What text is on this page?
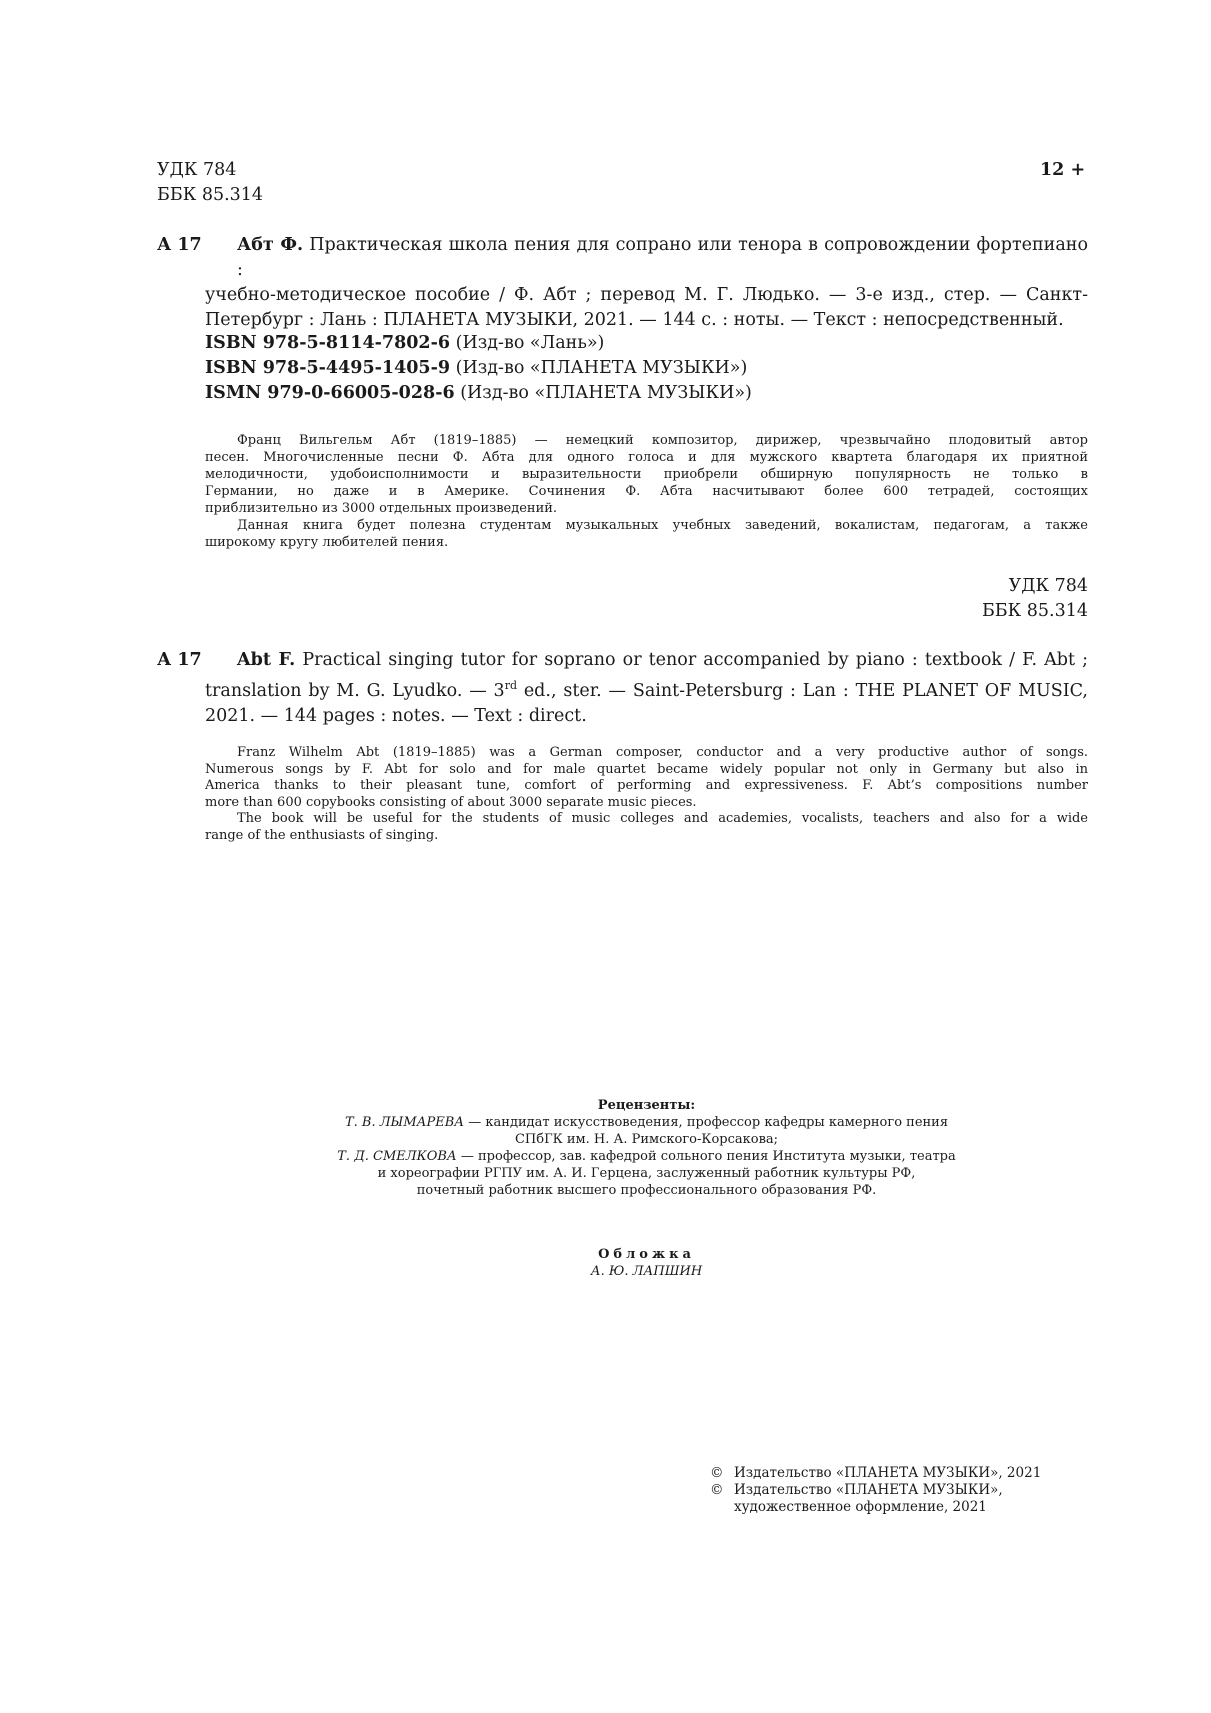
УДК 784
ББК 85.314
12 +
А 17 Абт Ф. Практическая школа пения для сопрано или тенора в сопровождении фортепиано :
учебно-методическое пособие / Ф. Абт ; перевод М. Г. Людько. — 3-е изд., стер. — Санкт-
Петербург : Лань : ПЛАНЕТА МУЗЫКИ, 2021. — 144 с. : ноты. — Текст : непосредственный.
ISBN 978-5-8114-7802-6 (Изд-во «Лань»)
ISBN 978-5-4495-1405-9 (Изд-во «ПЛАНЕТА МУЗЫКИ»)
ISMN 979-0-66005-028-6 (Изд-во «ПЛАНЕТА МУЗЫКИ»)
Франц Вильгельм Абт (1819–1885) — немецкий композитор, дирижер, чрезвычайно плодовитый автор
песен. Многочисленные песни Ф. Абта для одного голоса и для мужского квартета благодаря их приятной
мелодичности, удобоисполнимости и выразительности приобрели обширную популярность не только в
Германии, но даже и в Америке. Сочинения Ф. Абта насчитывают более 600 тетрадей, состоящих
приблизительно из 3000 отдельных произведений.
Данная книга будет полезна студентам музыкальных учебных заведений, вокалистам, педагогам, а также
широкому кругу любителей пения.
УДК 784
ББК 85.314
А 17 Abt F. Practical singing tutor for soprano or tenor accompanied by piano : textbook / F. Abt ;
translation by M. G. Lyudko. — 3rd ed., ster. — Saint-Petersburg : Lan : THE PLANET OF MUSIC,
2021. — 144 pages : notes. — Text : direct.
Franz Wilhelm Abt (1819–1885) was a German composer, conductor and a very productive author of songs.
Numerous songs by F. Abt for solo and for male quartet became widely popular not only in Germany but also in
America thanks to their pleasant tune, comfort of performing and expressiveness. F. Abt’s compositions number
more than 600 copybooks consisting of about 3000 separate music pieces.
The book will be useful for the students of music colleges and academies, vocalists, teachers and also for a wide
range of the enthusiasts of singing.
Рецензенты:
Т. В. ЛЫМАРЕВА — кандидат искусствоведения, профессор кафедры камерного пения
СПбГК им. Н. А. Римского-Корсакова;
Т. Д. СМЕЛКОВА — профессор, зав. кафедрой сольного пения Института музыки, театра
и хореографии РГПУ им. А. И. Герцена, заслуженный работник культуры РФ,
почетный работник высшего профессионального образования РФ.
Обложка
А. Ю. ЛАПШИН
© Издательство «ПЛАНЕТА МУЗЫКИ», 2021
© Издательство «ПЛАНЕТА МУЗЫКИ»,
художественное оформление, 2021
